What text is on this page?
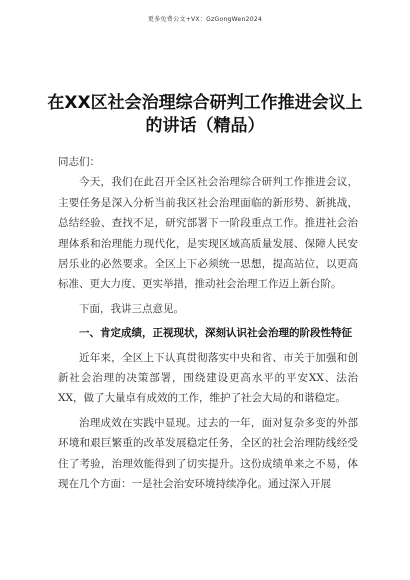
更多免费公文+VX：GzGongWen2024
在XX区社会治理综合研判工作推进会议上的讲话（精品）

同志们：

今天，我们在此召开全区社会治理综合研判工作推进会议，主要任务是深入分析当前我区社会治理面临的新形势、新挑战，总结经验、查找不足，研究部署下一阶段重点工作。推进社会治理体系和治理能力现代化，是实现区域高质量发展、保障人民安居乐业的必然要求。全区上下必须统一思想，提高站位，以更高标准、更大力度、更实举措，推动社会治理工作迈上新台阶。

下面，我讲三点意见。

一、肯定成绩，正视现状，深刻认识社会治理的阶段性特征

近年来，全区上下认真贯彻落实中央和省、市关于加强和创新社会治理的决策部署，围绕建设更高水平的平安XX、法治XX，做了大量卓有成效的工作，维护了社会大局的和谐稳定。

治理成效在实践中显现。过去的一年，面对复杂多变的外部环境和艰巨繁重的改革发展稳定任务，全区的社会治理防线经受住了考验，治理效能得到了切实提升。这份成绩单来之不易，体现在几个方面：一是社会治安环境持续净化。通过深入开展
